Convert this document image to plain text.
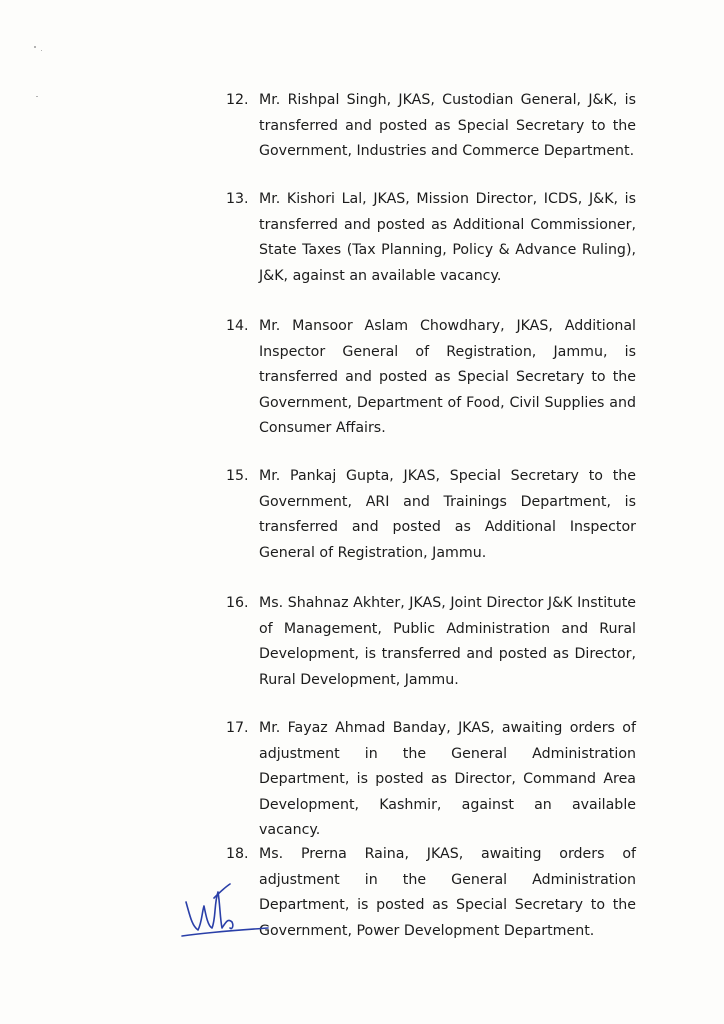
12. Mr. Rishpal Singh, JKAS, Custodian General, J&K, is transferred and posted as Special Secretary to the Government, Industries and Commerce Department.
13. Mr. Kishori Lal, JKAS, Mission Director, ICDS, J&K, is transferred and posted as Additional Commissioner, State Taxes (Tax Planning, Policy & Advance Ruling), J&K, against an available vacancy.
14. Mr. Mansoor Aslam Chowdhary, JKAS, Additional Inspector General of Registration, Jammu, is transferred and posted as Special Secretary to the Government, Department of Food, Civil Supplies and Consumer Affairs.
15. Mr. Pankaj Gupta, JKAS, Special Secretary to the Government, ARI and Trainings Department, is transferred and posted as Additional Inspector General of Registration, Jammu.
16. Ms. Shahnaz Akhter, JKAS, Joint Director J&K Institute of Management, Public Administration and Rural Development, is transferred and posted as Director, Rural Development, Jammu.
17. Mr. Fayaz Ahmad Banday, JKAS, awaiting orders of adjustment in the General Administration Department, is posted as Director, Command Area Development, Kashmir, against an available vacancy.
18. Ms. Prerna Raina, JKAS, awaiting orders of adjustment in the General Administration Department, is posted as Special Secretary to the Government, Power Development Department.
